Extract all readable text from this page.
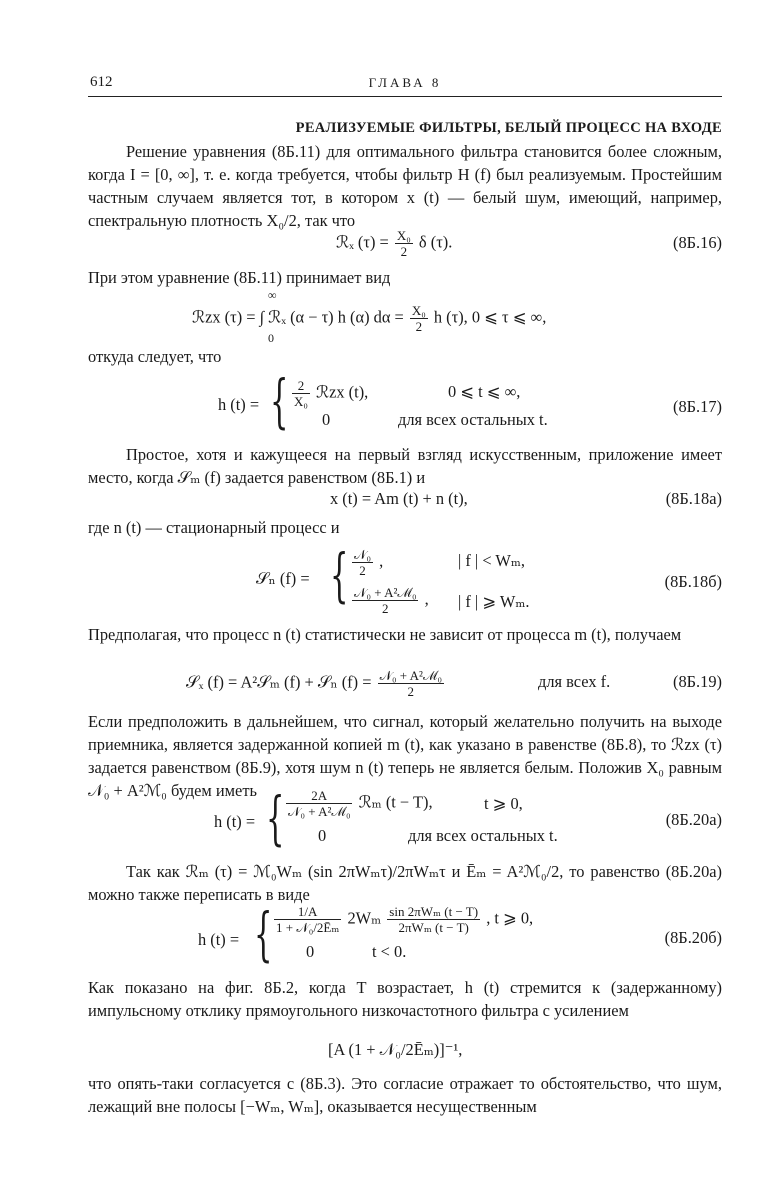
612	ГЛАВА 8
РЕАЛИЗУЕМЫЕ ФИЛЬТРЫ, БЕЛЫЙ ПРОЦЕСС НА ВХОДЕ

Решение уравнения (8Б.11) для оптимального фильтра становится более сложным, когда I = [0, ∞], т. е. когда требуется, чтобы фильтр H (f) был реализуемым. Простейшим частным случаем является тот, в котором x (t) — белый шум, имеющий, например, спектральную плотность X₀/2, так что

ℛₓ $(\tau) = \frac{\text{X₀}}{2}$ δ (τ).	(8Б.16)

При этом уравнение (8Б.11) принимает вид

ℛzx (τ) = ∫ ℛₓ (α − τ) h (α) $d\alpha = \frac{\text{X₀}}{2}$ h (τ), 0 ⩽ τ ⩽ ∞,
∞
0

откуда следует, что

h (t) = { $\frac{2}{\text{X₀}}$ ℛzx (t),	0 ⩽ t ⩽ ∞,
0	для всех остальных t.
(8Б.17)

Простое, хотя и кажущееся на первый взгляд искусственным, приложение имеет место, когда 𝒮ₘ (f) задается равенством (8Б.1) и

x (t) = Am (t) + n (t),	(8Б.18а)

где n (t) — стационарный процесс и

𝒮ₙ (f) = { $\frac{\text{𝒩₀}}{2}$ ,	| f | < Wₘ,
$\frac{\text{𝒩₀ + A²ℳ₀}}{2}$ , | f | ⩾ Wₘ.
(8Б.18б)

Предполагая, что процесс n (t) статистически не зависит от процесса m (t), получаем

𝒮ₓ (f) = A²𝒮ₘ (f) + 𝒮ₙ $(f) = \frac{\text{𝒩₀ + A²ℳ₀}}{2}$	для всех f.	(8Б.19)

Если предположить в дальнейшем, что сигнал, который желательно получить на выходе приемника, является задержанной копией m (t), как указано в равенстве (8Б.8), то ℛzx (τ) задается равенством (8Б.9), хотя шум n (t) теперь не является белым. Положив X₀ равным 𝒩₀ + A²ℳ₀ будем иметь

h (t) = { $\frac{2A}{\text{𝒩₀ + A²ℳ₀}}$ ℛₘ (t − T),	t ⩾ 0,
0	для всех остальных t.
(8Б.20а)

Так как ℛₘ (τ) = ℳ₀Wₘ (sin 2πWₘτ)/2πWₘτ и Ēₘ = A²ℳ₀/2, то равенство (8Б.20а) можно также переписать в виде

h (t) = { $\frac{1/A}{\text{1 + 𝒩₀/2Ēₘ}} 2W_m \frac{\text{sin 2πWₘ (t − T)}}{\text{2πWₘ (t − T)}}$ , t ⩾ 0,
0	t < 0.
(8Б.20б)

Как показано на фиг. 8Б.2, когда T возрастает, h (t) стремится к (задержанному) импульсному отклику прямоугольного низкочастотного фильтра с усилением

[A (1 + 𝒩₀/2Ēₘ)]⁻¹,

что опять-таки согласуется с (8Б.3). Это согласие отражает то обстоятельство, что шум, лежащий вне полосы [−Wₘ, Wₘ], оказывается несущественным
